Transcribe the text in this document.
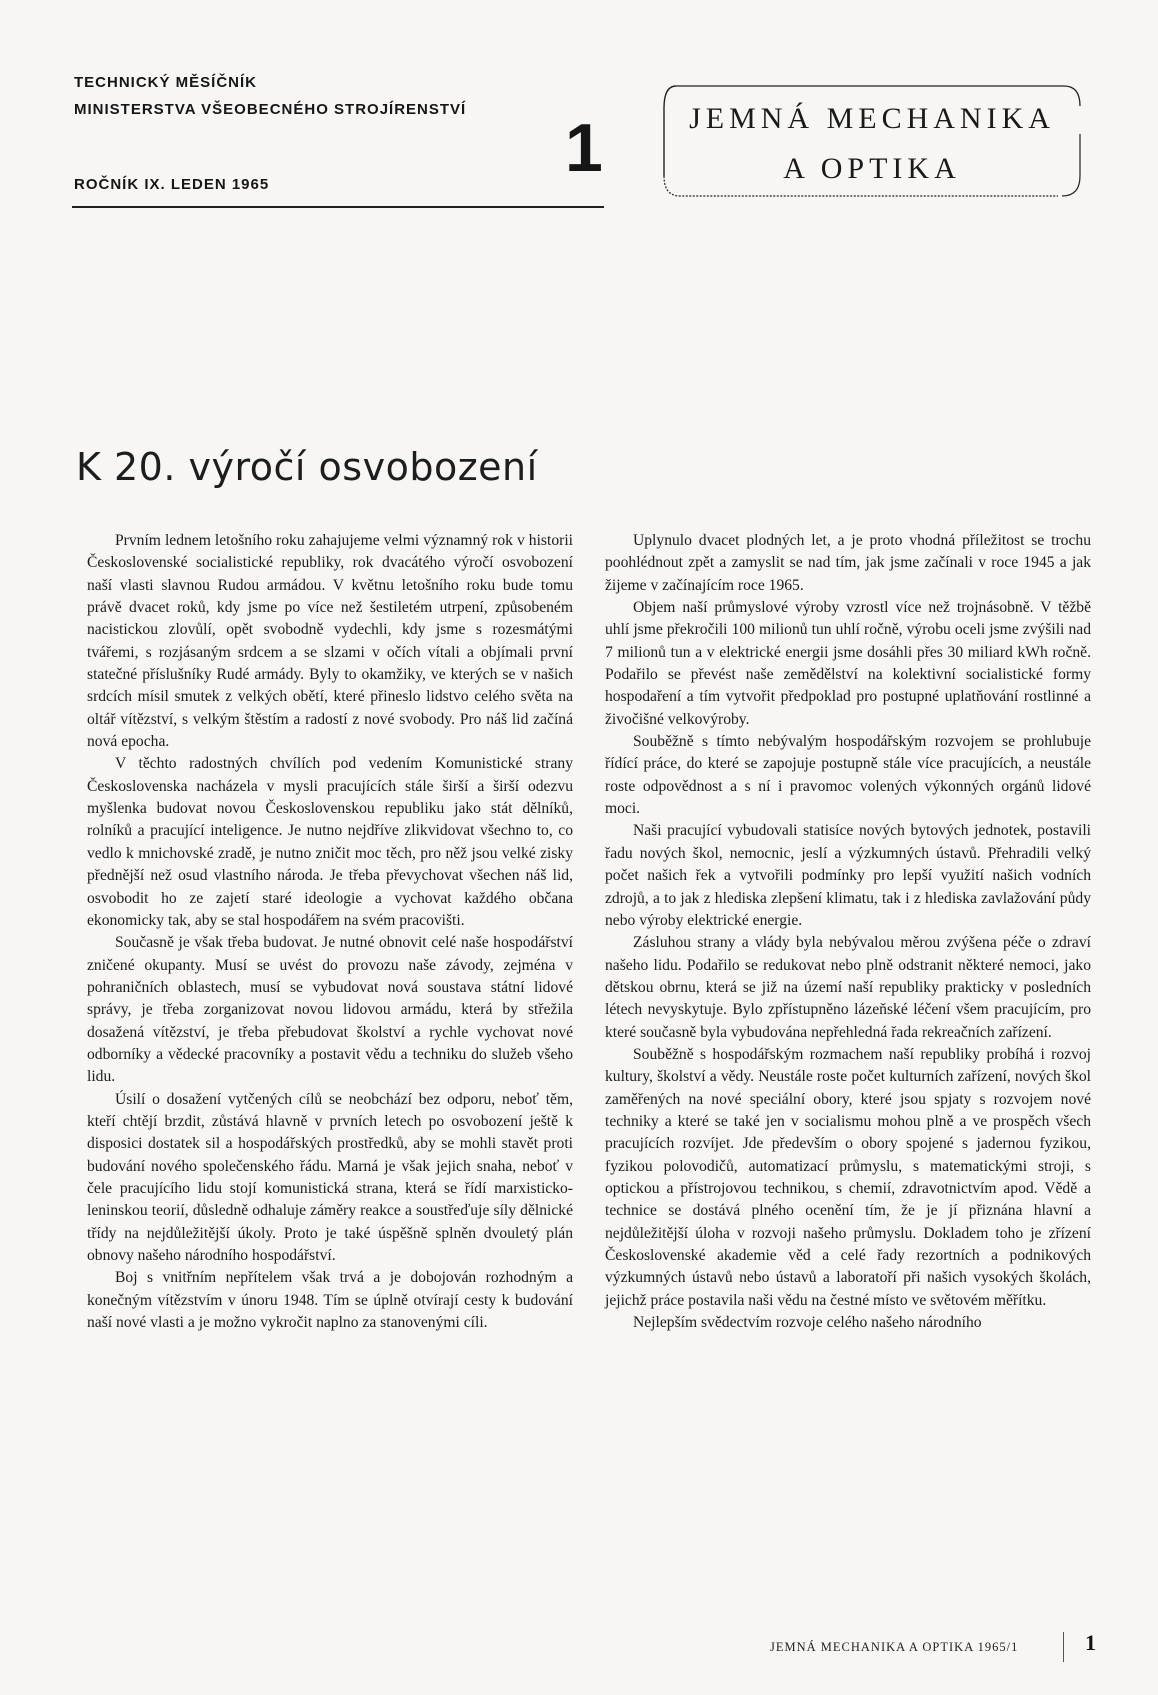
TECHNICKÝ MĚSÍČNÍK
MINISTERSTVA VŠEOBECNÉHO STROJÍRENSTVÍ
ROČNÍK IX. LEDEN 1965	1	JEMNÁ MECHANIKA
A OPTIKA
K 20. výročí osvobození

Prvním lednem letošního roku zahajujeme velmi významný rok v historii Československé socialistické republiky, rok dvacátého výročí osvobození naší vlasti slavnou Rudou armádou. V květnu letošního roku bude tomu právě dvacet roků, kdy jsme po více než šestiletém utrpení, způsobeném nacistickou zlovůlí, opět svobodně vydechli, kdy jsme s rozesmátými tvářemi, s rozjásaným srdcem a se slzami v očích vítali a objímali první statečné příslušníky Rudé armády. Byly to okamžiky, ve kterých se v našich srdcích mísil smutek z velkých obětí, které přineslo lidstvo celého světa na oltář vítězství, s velkým štěstím a radostí z nové svobody. Pro náš lid začíná nová epocha.

V těchto radostných chvílích pod vedením Komunistické strany Československa nacházela v mysli pracujících stále širší a širší odezvu myšlenka budovat novou Československou republiku jako stát dělníků, rolníků a pracující inteligence. Je nutno nejdříve zlikvidovat všechno to, co vedlo k mnichovské zradě, je nutno zničit moc těch, pro něž jsou velké zisky přednější než osud vlastního národa. Je třeba převychovat všechen náš lid, osvobodit ho ze zajetí staré ideologie a vychovat každého občana ekonomicky tak, aby se stal hospodářem na svém pracovišti.

Současně je však třeba budovat. Je nutné obnovit celé naše hospodářství zničené okupanty. Musí se uvést do provozu naše závody, zejména v pohraničních oblastech, musí se vybudovat nová soustava státní lidové správy, je třeba zorganizovat novou lidovou armádu, která by střežila dosažená vítězství, je třeba přebudovat školství a rychle vychovat nové odborníky a vědecké pracovníky a postavit vědu a techniku do služeb všeho lidu.

Úsilí o dosažení vytčených cílů se neobchází bez odporu, neboť těm, kteří chtějí brzdit, zůstává hlavně v prvních letech po osvobození ještě k disposici dostatek sil a hospodářských prostředků, aby se mohli stavět proti budování nového společenského řádu. Marná je však jejich snaha, neboť v čele pracujícího lidu stojí komunistická strana, která se řídí marxisticko-leninskou teorií, důsledně odhaluje záměry reakce a soustřeďuje síly dělnické třídy na nejdůležitější úkoly. Proto je také úspěšně splněn dvouletý plán obnovy našeho národního hospodářství.

Boj s vnitřním nepřítelem však trvá a je dobojován rozhodným a konečným vítězstvím v únoru 1948. Tím se úplně otvírají cesty k budování naší nové vlasti a je možno vykročit naplno za stanovenými cíli.

Uplynulo dvacet plodných let, a je proto vhodná příležitost se trochu poohlédnout zpět a zamyslit se nad tím, jak jsme začínali v roce 1945 a jak žijeme v začínajícím roce 1965.

Objem naší průmyslové výroby vzrostl více než trojnásobně. V těžbě uhlí jsme překročili 100 milionů tun uhlí ročně, výrobu oceli jsme zvýšili nad 7 milionů tun a v elektrické energii jsme dosáhli přes 30 miliard kWh ročně. Podařilo se převést naše zemědělství na kolektivní socialistické formy hospodaření a tím vytvořit předpoklad pro postupné uplatňování rostlinné a živočišné velkovýroby.

Souběžně s tímto nebývalým hospodářským rozvojem se prohlubuje řídící práce, do které se zapojuje postupně stále více pracujících, a neustále roste odpovědnost a s ní i pravomoc volených výkonných orgánů lidové moci.

Naši pracující vybudovali statisíce nových bytových jednotek, postavili řadu nových škol, nemocnic, jeslí a výzkumných ústavů. Přehradili velký počet našich řek a vytvořili podmínky pro lepší využití našich vodních zdrojů, a to jak z hlediska zlepšení klimatu, tak i z hlediska zavlažování půdy nebo výroby elektrické energie.

Zásluhou strany a vlády byla nebývalou měrou zvýšena péče o zdraví našeho lidu. Podařilo se redukovat nebo plně odstranit některé nemoci, jako dětskou obrnu, která se již na území naší republiky prakticky v posledních létech nevyskytuje. Bylo zpřístupněno lázeňské léčení všem pracujícím, pro které současně byla vybudována nepřehledná řada rekreačních zařízení.

Souběžně s hospodářským rozmachem naší republiky probíhá i rozvoj kultury, školství a vědy. Neustále roste počet kulturních zařízení, nových škol zaměřených na nové speciální obory, které jsou spjaty s rozvojem nové techniky a které se také jen v socialismu mohou plně a ve prospěch všech pracujících rozvíjet. Jde především o obory spojené s jadernou fyzikou, fyzikou polovodičů, automatizací průmyslu, s matematickými stroji, s optickou a přístrojovou technikou, s chemií, zdravotnictvím apod. Vědě a technice se dostává plného ocenění tím, že je jí přiznána hlavní a nejdůležitější úloha v rozvoji našeho průmyslu. Dokladem toho je zřízení Československé akademie věd a celé řady rezortních a podnikových výzkumných ústavů nebo ústavů a laboratoří při našich vysokých školách, jejichž práce postavila naši vědu na čestné místo ve světovém měřítku.

Nejlepším svědectvím rozvoje celého našeho národního

JEMNÁ MECHANIKA A OPTIKA 1965/1	1
